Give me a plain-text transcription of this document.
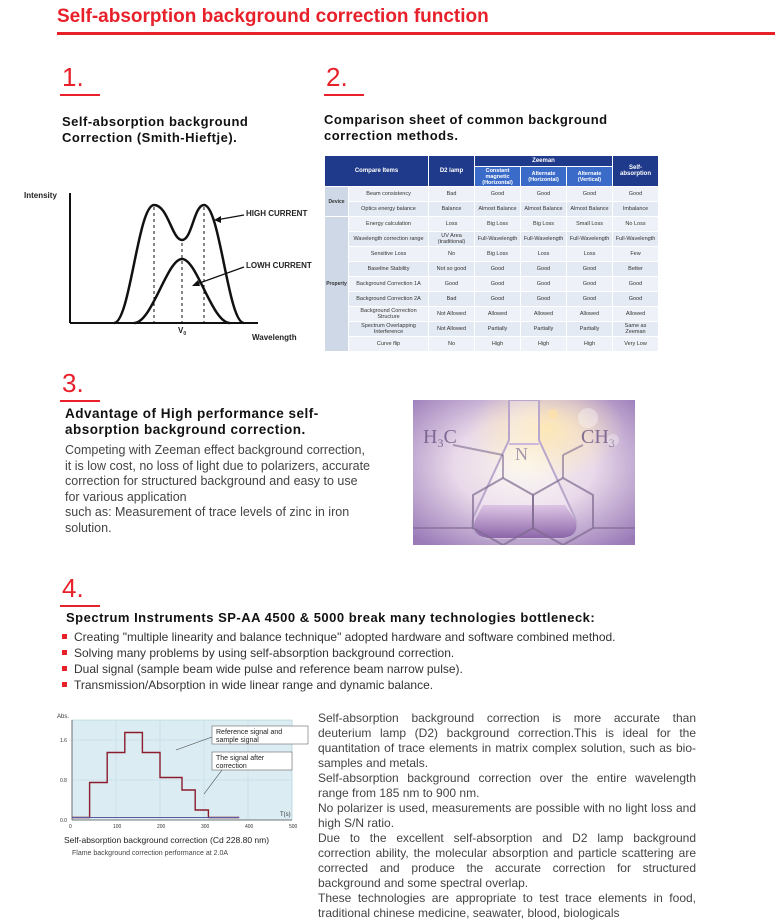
Self-absorption background correction function
1.
Self-absorption background
Correction (Smith-Hieftje).
Intensity
HIGH CURRENT
LOWH CURRENT
$V_0$	Wavelength
2.
Comparison sheet of common background
correction methods.
Compare Items		D2 lamp	Zeeman			Self-absorption
			Constant magnetic (Horizontal)	Alternate (Horizontal)	Alternate (Vertical)	
Device	Beam consistency	Bad	Good	Good	Good	Good
	Optics energy balance	Balance	Almost Balance	Almost Balance	Almost Balance	Imbalance
Property	Energy calculation	Loss	Big Loss	Big Loss	Small Loss	No Loss
	Wavelength correction range	UV Area (traditional)	Full-Wavelength	Full-Wavelength	Full-Wavelength	Full-Wavelength
	Sensitive Loss	No	Big Loss	Loss	Loss	Few
	Baseline Stability	Not so good	Good	Good	Good	Better
	Background Correction 1A	Good	Good	Good	Good	Good
	Background Correction 2A	Bad	Good	Good	Good	Good
	Background Correction Structure	Not Allowed	Allowed	Allowed	Allowed	Allowed
	Spectrum Overlapping Interference	Not Allowed	Partially	Partially	Partially	Same as Zeeman
	Curve flip	No	High	High	High	Very Low
3.
Advantage of High performance self-
absorption background correction.
Competing with Zeeman effect background correction,
it is low cost, no loss of light due to polarizers, accurate
correction for structured background and easy to use
for various application
such as: Measurement of trace levels of zinc in iron
solution.
$H_3C$	$CH_3$
N
4.
Spectrum Instruments SP-AA 4500 & 5000 break many technologies bottleneck:
Creating "multiple linearity and balance technique" adopted hardware and software combined method.
Solving many problems by using self-absorption background correction.
Dual signal (sample beam wide pulse and reference beam narrow pulse).
Transmission/Absorption in wide linear range and dynamic balance.
Abs.
T(s)
0	100	200	300	400	500
1.6
0.8
0.0
Reference signal and
sample signal
The signal after
correction
Self-absorption background correction (Cd 228.80 nm)
Flame background correction performance at 2.0A

Self-absorption background correction is more accurate than deuterium lamp (D2) background correction.This is ideal for the quantitation of trace elements in matrix complex solution, such as bio-samples and metals.

Self-absorption background correction over the entire wavelength range from 185 nm to 900 nm.

No polarizer is used, measurements are possible with no light loss and high S/N ratio.

Due to the excellent self-absorption and D2 lamp background correction ability, the molecular absorption and particle scattering are corrected and produce the accurate correction for structured background and some spectral overlap.

These technologies are appropriate to test trace elements in food, traditional chinese medicine, seawater, blood, biologicals
